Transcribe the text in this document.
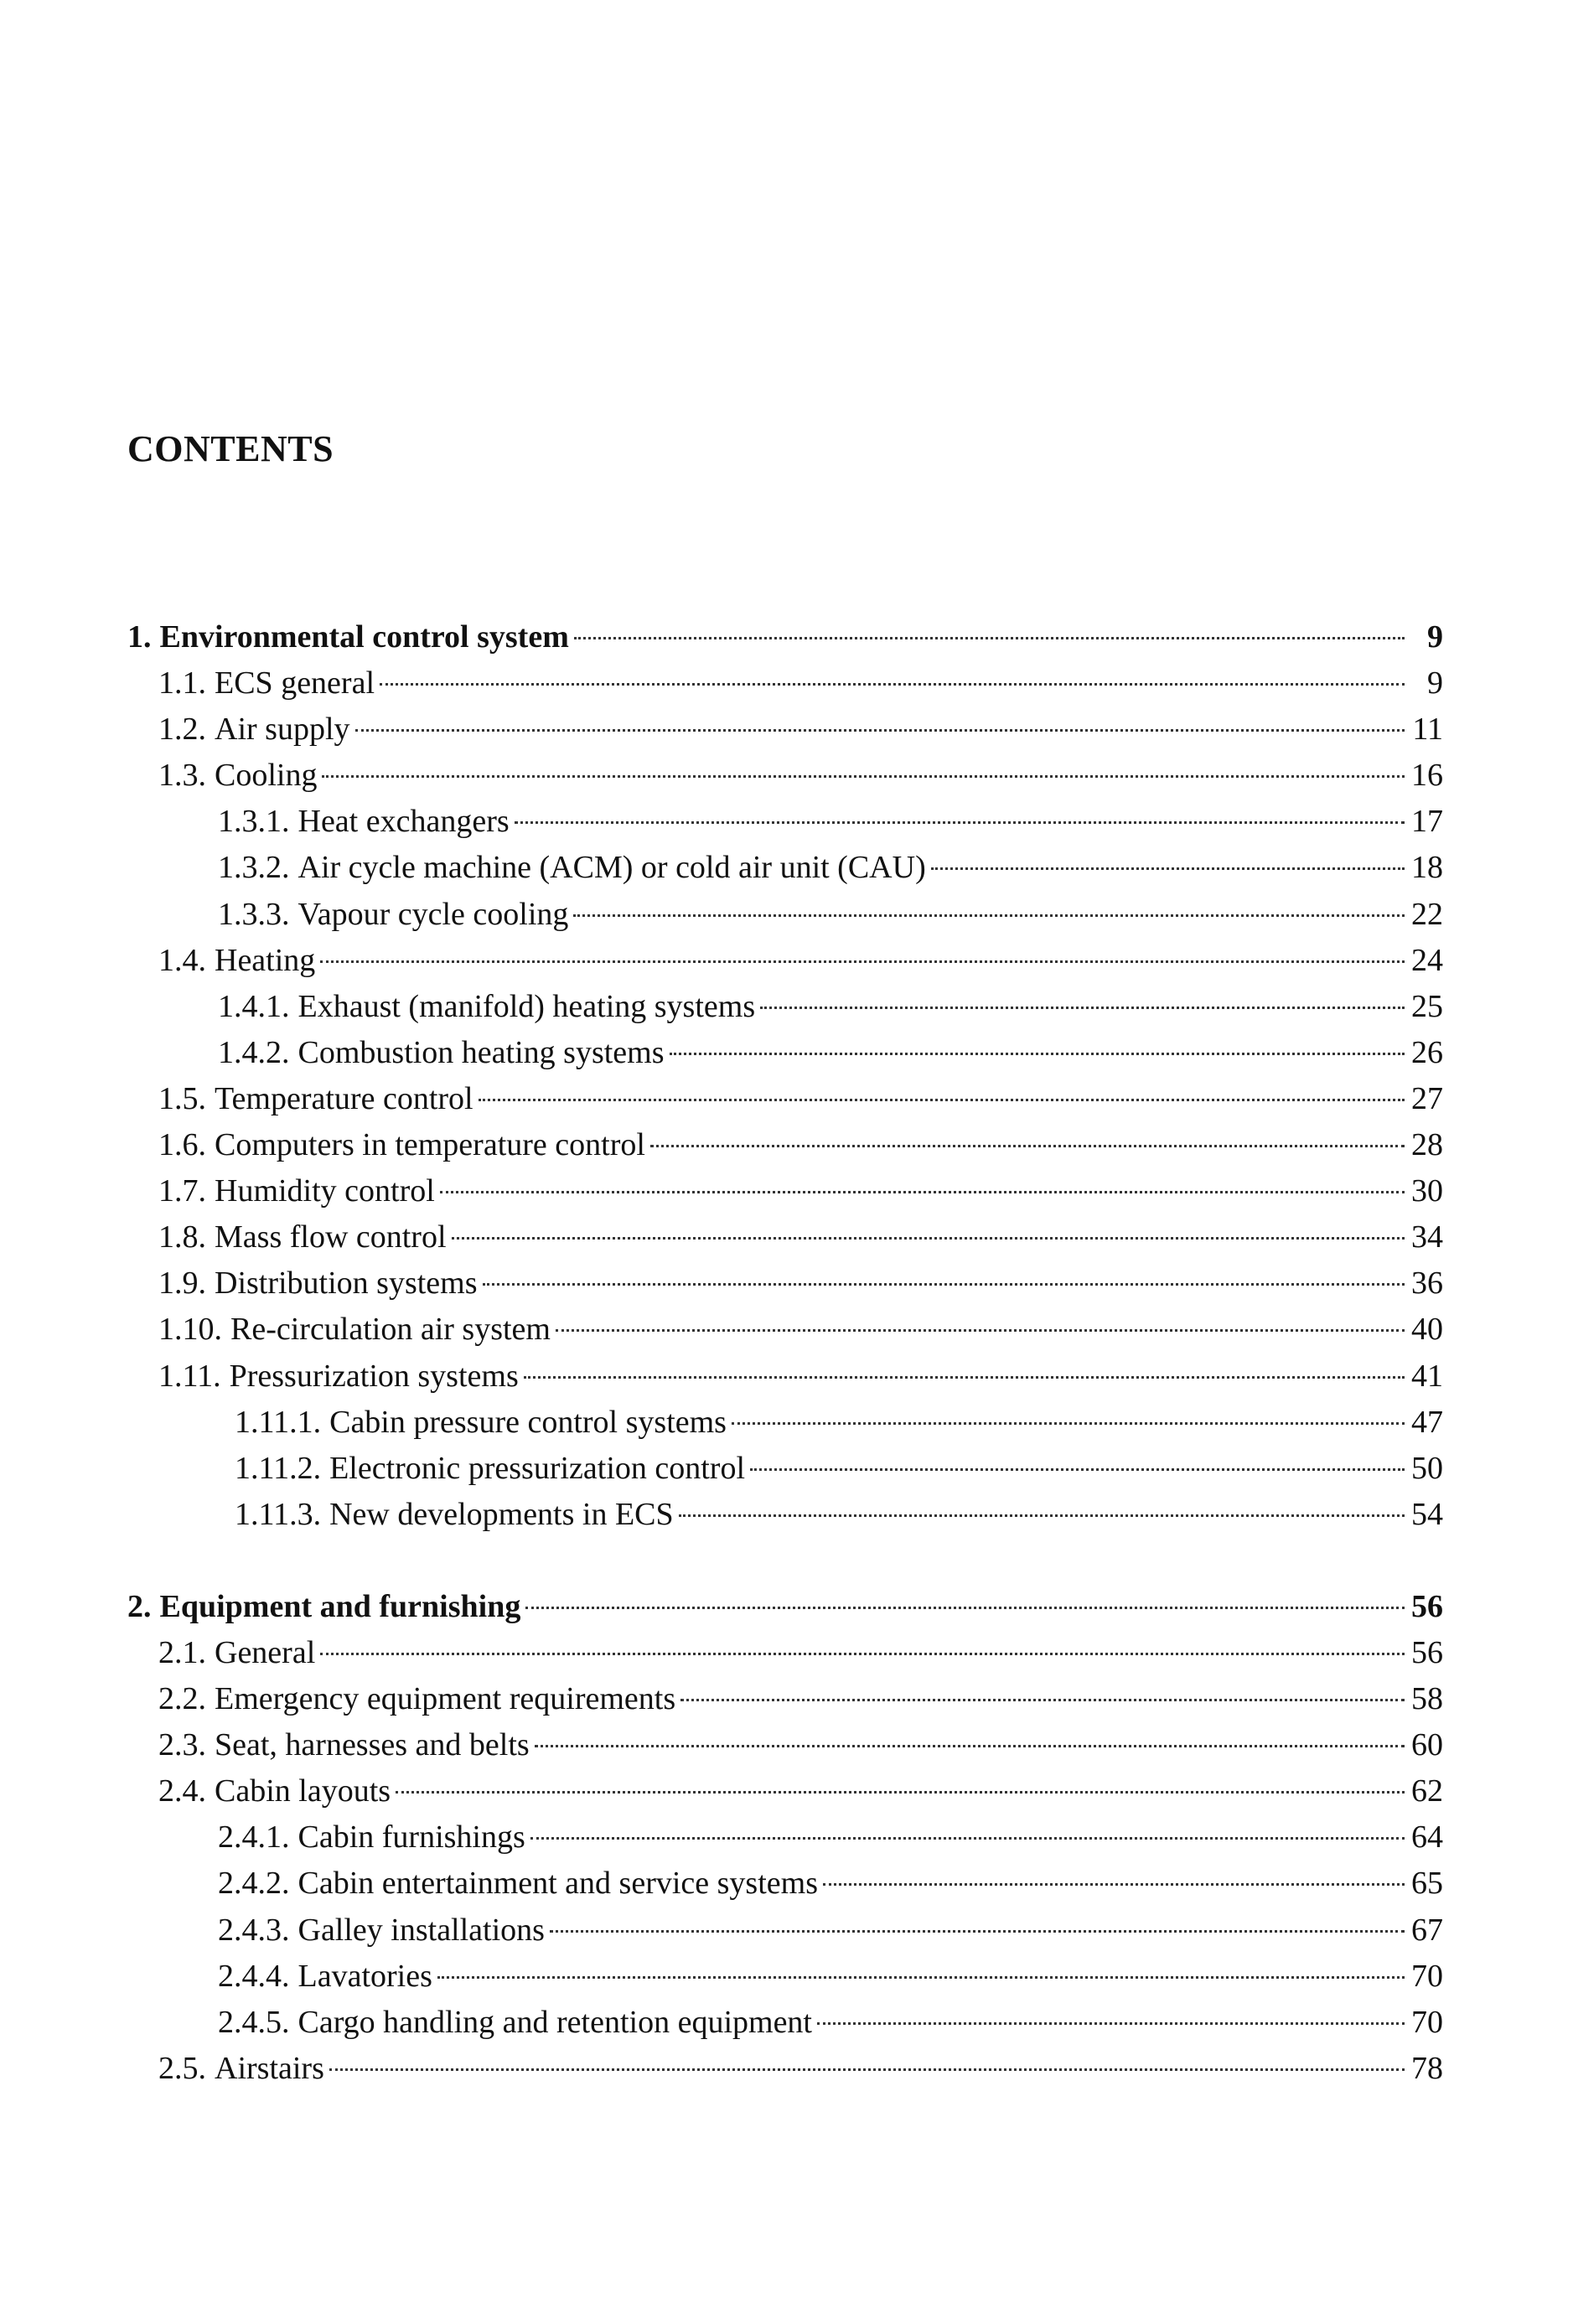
CONTENTS
1. Environmental control system	9
1.1. ECS general	9
1.2. Air supply	11
1.3. Cooling	16
1.3.1. Heat exchangers	17
1.3.2. Air cycle machine (ACM) or cold air unit (CAU)	18
1.3.3. Vapour cycle cooling	22
1.4. Heating	24
1.4.1. Exhaust (manifold) heating systems	25
1.4.2. Combustion heating systems	26
1.5. Temperature control	27
1.6. Computers in temperature control	28
1.7. Humidity control	30
1.8. Mass flow control	34
1.9. Distribution systems	36
1.10. Re-circulation air system	40
1.11. Pressurization systems	41
1.11.1. Cabin pressure control systems	47
1.11.2. Electronic pressurization control	50
1.11.3. New developments in ECS	54
2. Equipment and furnishing	56
2.1. General	56
2.2. Emergency equipment requirements	58
2.3. Seat, harnesses and belts	60
2.4. Cabin layouts	62
2.4.1. Cabin furnishings	64
2.4.2. Cabin entertainment and service systems	65
2.4.3. Galley installations	67
2.4.4. Lavatories	70
2.4.5. Cargo handling and retention equipment	70
2.5. Airstairs	78
